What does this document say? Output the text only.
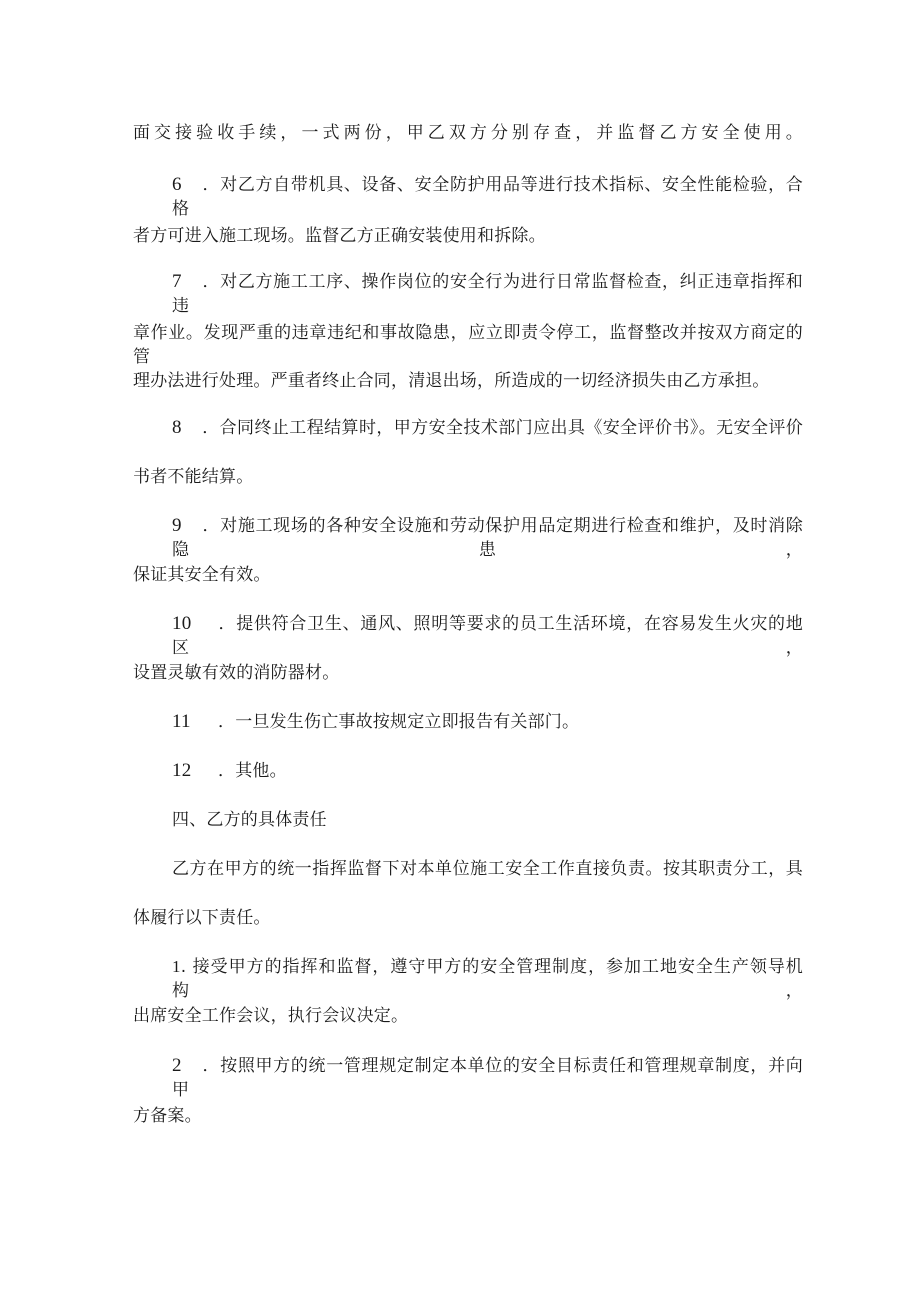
面交接验收手续，一式两份，甲乙双方分别存查，并监督乙方安全使用。
6 ．对乙方自带机具、设备、安全防护用品等进行技术指标、安全性能检验，合格
者方可进入施工现场。监督乙方正确安装使用和拆除。
7 ．对乙方施工工序、操作岗位的安全行为进行日常监督检查，纠正违章指挥和违
章作业。发现严重的违章违纪和事故隐患，应立即责令停工，监督整改并按双方商定的管
理办法进行处理。严重者终止合同，清退出场，所造成的一切经济损失由乙方承担。
8 ．合同终止工程结算时，甲方安全技术部门应出具《安全评价书》。无安全评价
书者不能结算。
9 ．对施工现场的各种安全设施和劳动保护用品定期进行检查和维护，及时消除隐患，
保证其安全有效。
10 ．提供符合卫生、通风、照明等要求的员工生活环境，在容易发生火灾的地区，
设置灵敏有效的消防器材。
11 ．一旦发生伤亡事故按规定立即报告有关部门。
12 ．其他。
四、乙方的具体责任
乙方在甲方的统一指挥监督下对本单位施工安全工作直接负责。按其职责分工，具
体履行以下责任。
1. 接受甲方的指挥和监督，遵守甲方的安全管理制度，参加工地安全生产领导机构，
出席安全工作会议，执行会议决定。
2 ．按照甲方的统一管理规定制定本单位的安全目标责任和管理规章制度，并向甲
方备案。
